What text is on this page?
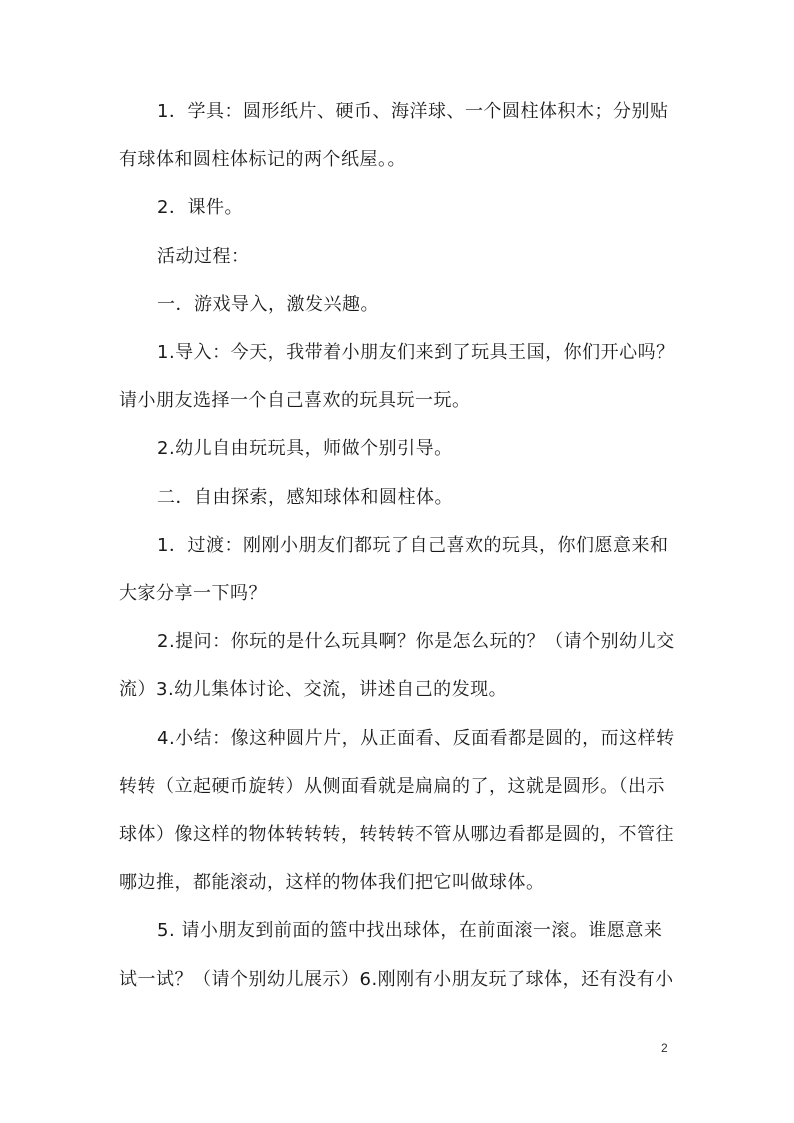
1．学具：圆形纸片、硬币、海洋球、一个圆柱体积木；分别贴

有球体和圆柱体标记的两个纸屋。。

2．课件。

活动过程：

一．游戏导入，激发兴趣。

1.导入：今天，我带着小朋友们来到了玩具王国，你们开心吗？

请小朋友选择一个自己喜欢的玩具玩一玩。

2.幼儿自由玩玩具，师做个别引导。

二．自由探索，感知球体和圆柱体。

1．过渡：刚刚小朋友们都玩了自己喜欢的玩具，你们愿意来和

大家分享一下吗？

2.提问：你玩的是什么玩具啊？你是怎么玩的？（请个别幼儿交

流）3.幼儿集体讨论、交流，讲述自己的发现。

4.小结：像这种圆片片，从正面看、反面看都是圆的，而这样转

转转（立起硬币旋转）从侧面看就是扁扁的了，这就是圆形。（出示

球体）像这样的物体转转转，转转转不管从哪边看都是圆的，不管往

哪边推，都能滚动，这样的物体我们把它叫做球体。

5. 请小朋友到前面的篮中找出球体，在前面滚一滚。谁愿意来

试一试？（请个别幼儿展示）6.刚刚有小朋友玩了球体，还有没有小

2
